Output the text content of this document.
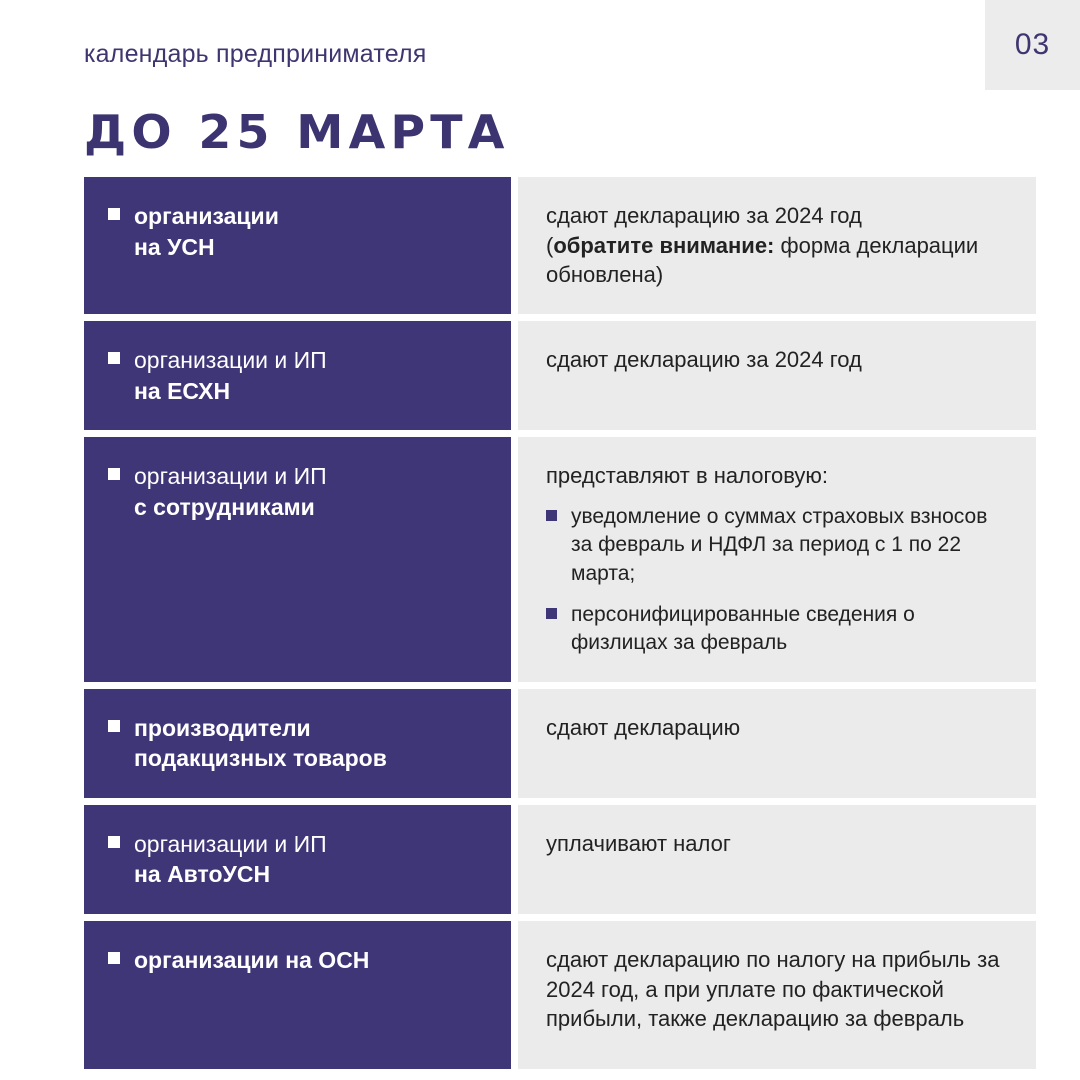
03
календарь предпринимателя
ДО 25 МАРТА
организации
на УСН
сдают декларацию за 2024 год
(обратите внимание: форма декларации обновлена)
организации и ИП
на ЕСХН
сдают декларацию за 2024 год
организации и ИП
с сотрудниками
представляют в налоговую:
уведомление о суммах страховых взносов за февраль и НДФЛ за период с 1 по 22 марта;
персонифицированные сведения о физлицах за февраль
производители
подакцизных товаров
сдают декларацию
организации и ИП
на АвтоУСН
уплачивают налог
организации на ОСН	сдают декларацию по налогу на прибыль за 2024 год, а при уплате по фактической прибыли, также декларацию за февраль
